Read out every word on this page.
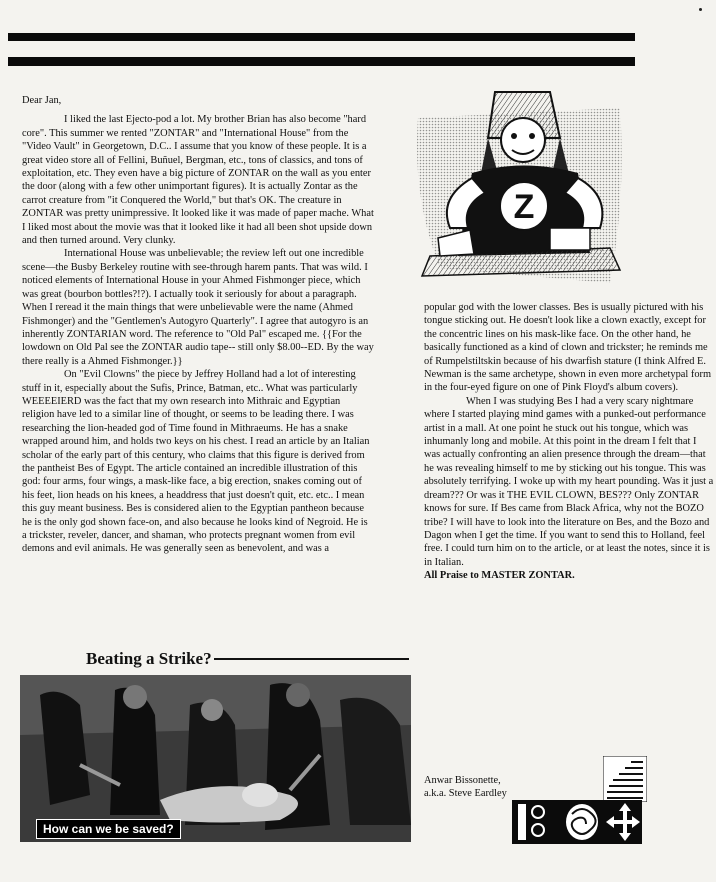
Dear Jan,

I liked the last Ejecto-pod a lot. My brother Brian has also become "hard core". This summer we rented "ZONTAR" and "International House" from the "Video Vault" in Georgetown, D.C.. I assume that you know of these people. It is a great video store all of Fellini, Buñuel, Bergman, etc., tons of classics, and tons of exploitation, etc. They even have a big picture of ZONTAR on the wall as you enter the door (along with a few other unimportant figures). It is actually Zontar as the carrot creature from "it Conquered the World," but that's OK. The creature in ZONTAR was pretty unimpressive. It looked like it was made of paper mache. What I liked most about the movie was that it looked like it had all been shot upside down and then turned around. Very clunky.

International House was unbelievable; the review left out one incredible scene—the Busby Berkeley routine with see-through harem pants. That was wild. I noticed elements of International House in your Ahmed Fishmonger piece, which was great (bourbon bottles?!?). I actually took it seriously for about a paragraph. When I reread it the main things that were unbelievable were the name (Ahmed Fishmonger) and the "Gentlemen's Autogyro Quarterly". I agree that autogyro is an inherently ZONTARIAN word. The reference to "Old Pal" escaped me. {{For the lowdown on Old Pal see the ZONTAR audio tape-- still only $8.00--ED. By the way there really is a Ahmed Fishmonger.}}

On "Evil Clowns" the piece by Jeffrey Holland had a lot of interesting stuff in it, especially about the Sufis, Prince, Batman, etc.. What was particularly WEEEEIERD was the fact that my own research into Mithraic and Egyptian religion have led to a similar line of thought, or seems to be leading there. I was researching the lion-headed god of Time found in Mithraeums. He has a snake wrapped around him, and holds two keys on his chest. I read an article by an Italian scholar of the early part of this century, who claims that this figure is derived from the pantheist Bes of Egypt. The article contained an incredible illustration of this god: four arms, four wings, a mask-like face, a big erection, snakes coming out of his feet, lion heads on his knees, a headdress that just doesn't quit, etc. etc.. I mean this guy meant business. Bes is considered alien to the Egyptian pantheon because he is the only god shown face-on, and also because he looks kind of Negroid. He is a trickster, reveler, dancer, and shaman, who protects pregnant women from evil demons and evil animals. He was generally seen as benevolent, and was a

Z

popular god with the lower classes. Bes is usually pictured with his tongue sticking out. He doesn't look like a clown exactly, except for the concentric lines on his mask-like face. On the other hand, he basically functioned as a kind of clown and trickster; he reminds me of Rumpelstiltskin because of his dwarfish stature (I think Alfred E. Newman is the same archetype, shown in even more archetypal form in the four-eyed figure on one of Pink Floyd's album covers).

When I was studying Bes I had a very scary nightmare where I started playing mind games with a punked-out performance artist in a mall. At one point he stuck out his tongue, which was inhumanly long and mobile. At this point in the dream I felt that I was actually confronting an alien presence through the dream—that he was revealing himself to me by sticking out his tongue. This was absolutely terrifying. I woke up with my heart pounding. Was it just a dream??? Or was it THE EVIL CLOWN, BES??? Only ZONTAR knows for sure. If Bes came from Black Africa, why not the BOZO tribe? I will have to look into the literature on Bes, and the Bozo and Dagon when I get the time. If you want to send this to Holland, feel free. I could turn him on to the article, or at least the notes, since it is in Italian.

All Praise to MASTER ZONTAR.

Anwar Bissonette,
a.k.a. Steve Eardley
Beating a Strike?
How can we be saved?
